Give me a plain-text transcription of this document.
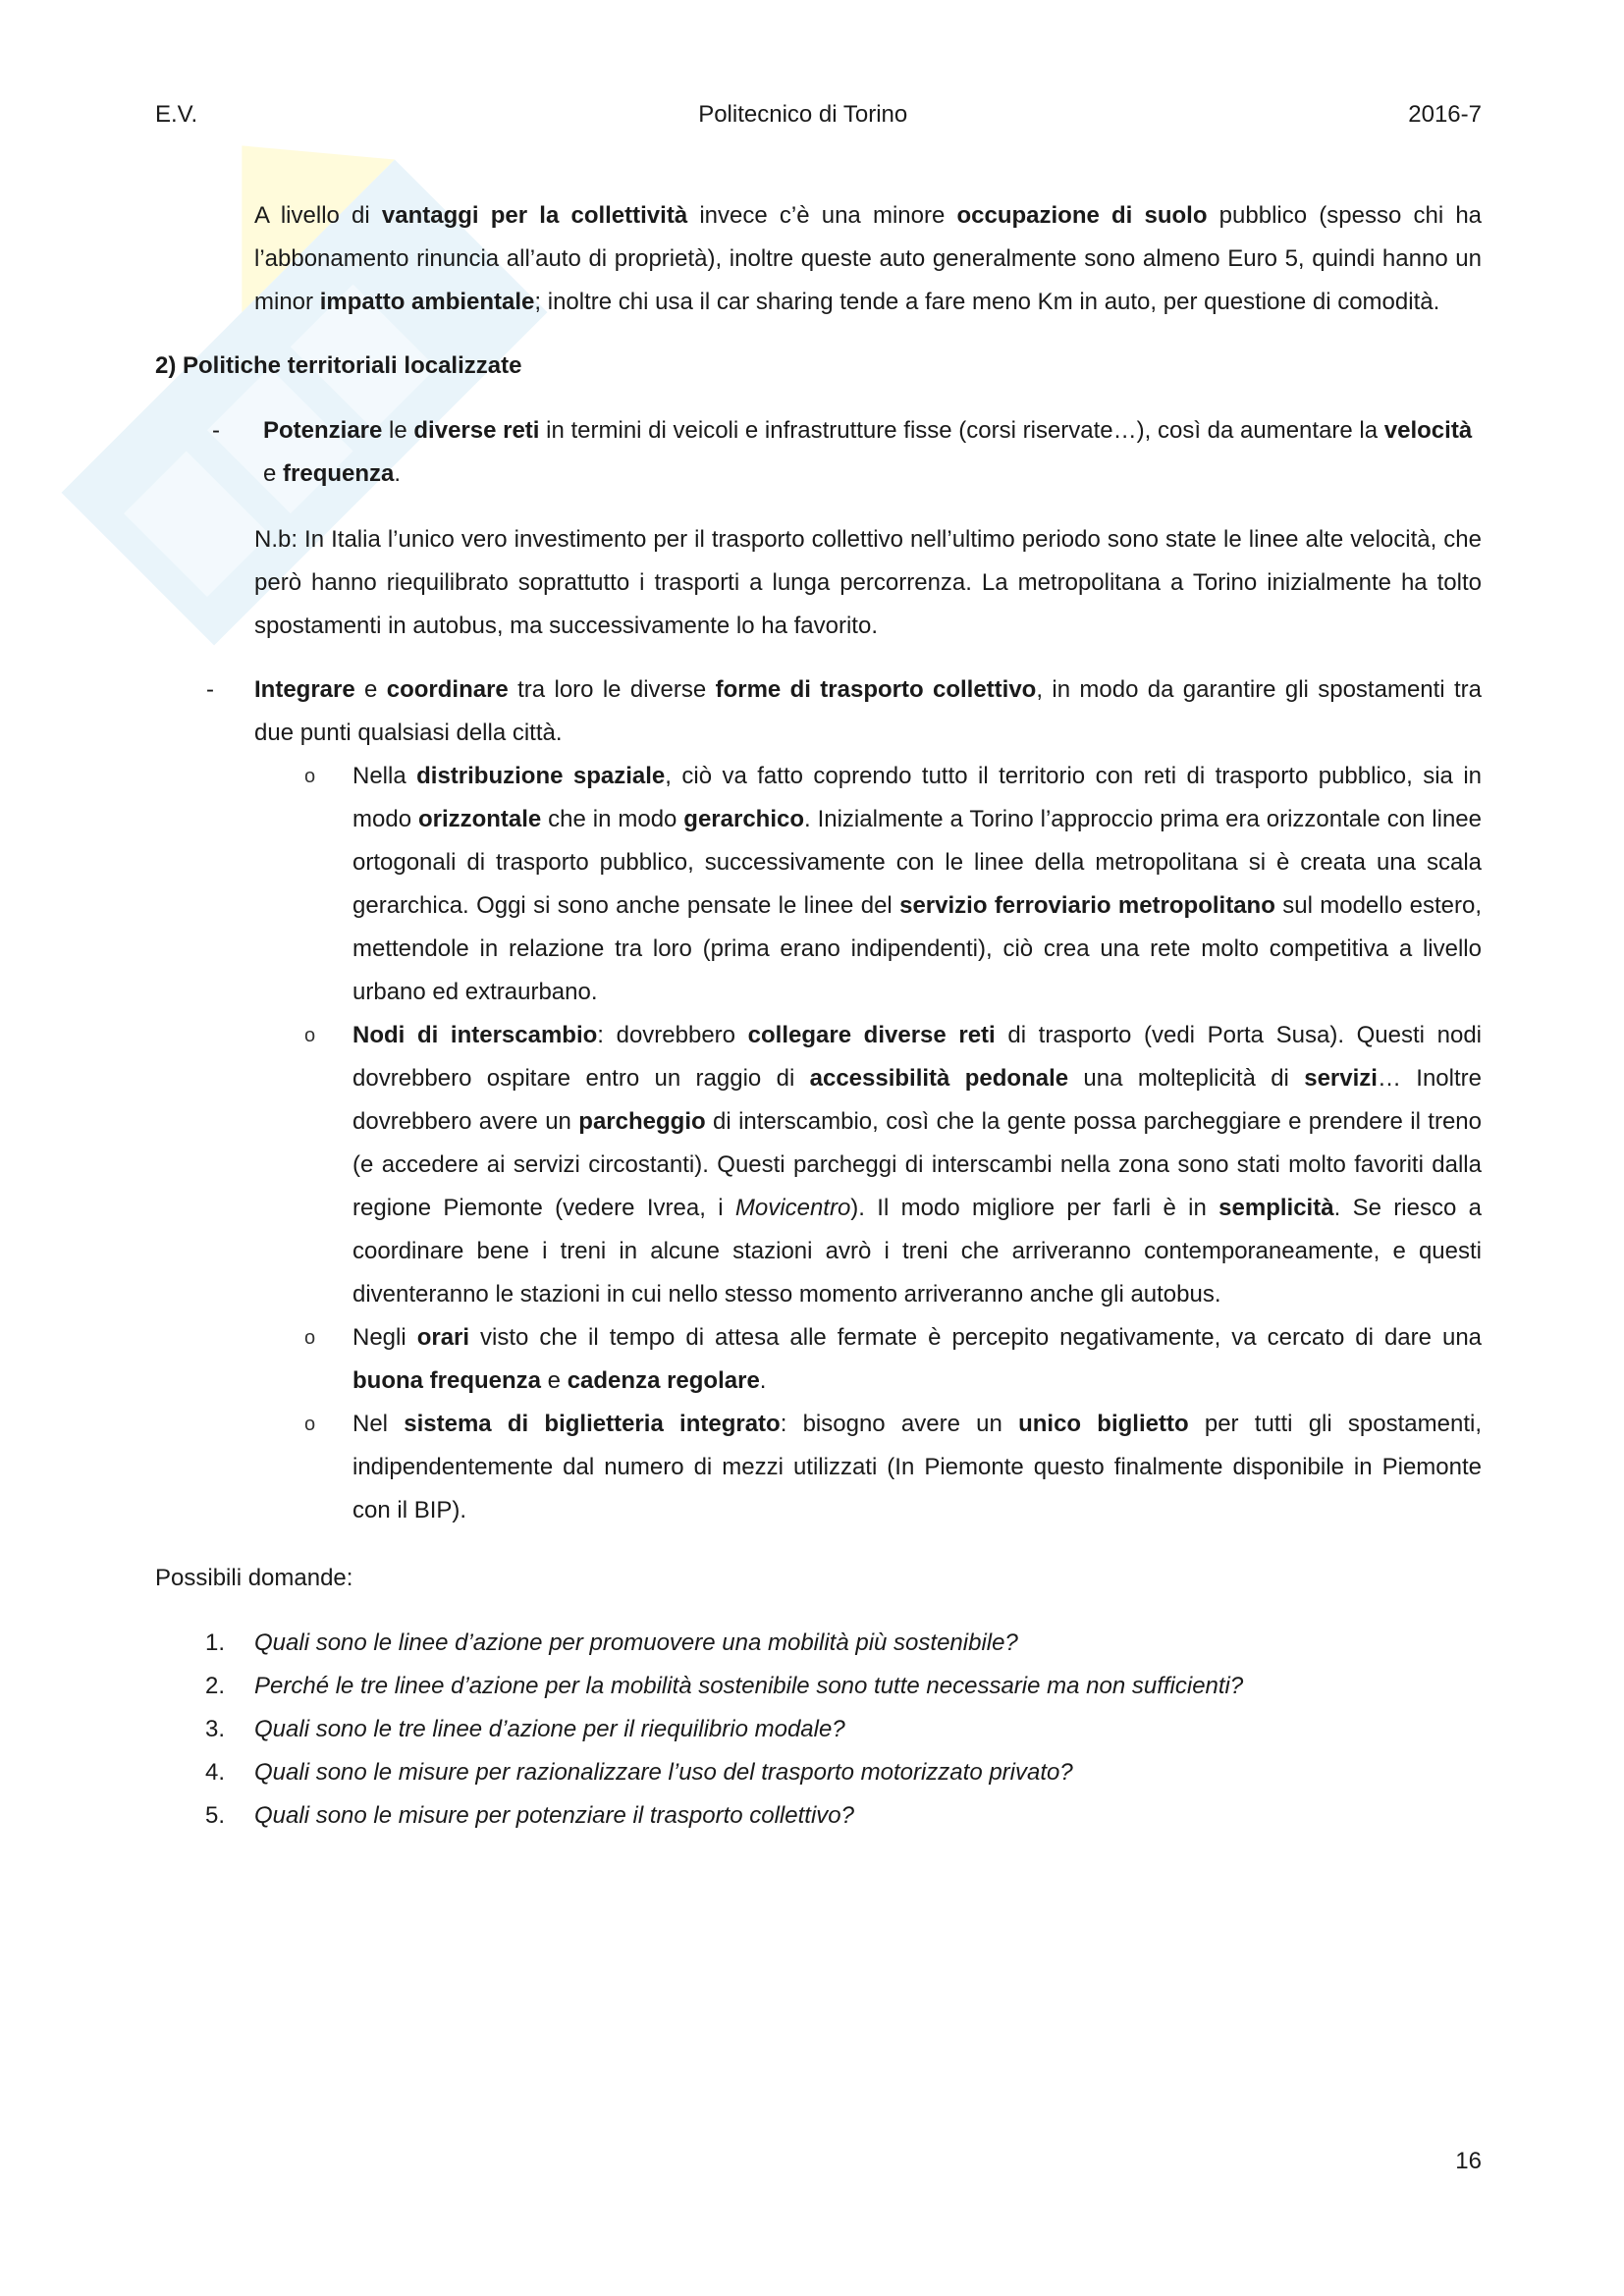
E.V.	Politecnico di Torino	2016-7

A livello di vantaggi per la collettività invece c’è una minore occupazione di suolo pubblico (spesso chi ha l’abbonamento rinuncia all’auto di proprietà), inoltre queste auto generalmente sono almeno Euro 5, quindi hanno un minor impatto ambientale; inoltre chi usa il car sharing tende a fare meno Km in auto, per questione di comodità.

2) Politiche territoriali localizzate

-	Potenziare le diverse reti in termini di veicoli e infrastrutture fisse (corsi riservate…), così da aumentare la velocità e frequenza.

N.b: In Italia l’unico vero investimento per il trasporto collettivo nell’ultimo periodo sono state le linee alte velocità, che però hanno riequilibrato soprattutto i trasporti a lunga percorrenza. La metropolitana a Torino inizialmente ha tolto spostamenti in autobus, ma successivamente lo ha favorito.

-	Integrare e coordinare tra loro le diverse forme di trasporto collettivo, in modo da garantire gli spostamenti tra due punti qualsiasi della città.

o	Nella distribuzione spaziale, ciò va fatto coprendo tutto il territorio con reti di trasporto pubblico, sia in modo orizzontale che in modo gerarchico. Inizialmente a Torino l’approccio prima era orizzontale con linee ortogonali di trasporto pubblico, successivamente con le linee della metropolitana si è creata una scala gerarchica. Oggi si sono anche pensate le linee del servizio ferroviario metropolitano sul modello estero, mettendole in relazione tra loro (prima erano indipendenti), ciò crea una rete molto competitiva a livello urbano ed extraurbano.

o	Nodi di interscambio: dovrebbero collegare diverse reti di trasporto (vedi Porta Susa). Questi nodi dovrebbero ospitare entro un raggio di accessibilità pedonale una molteplicità di servizi… Inoltre dovrebbero avere un parcheggio di interscambio, così che la gente possa parcheggiare e prendere il treno (e accedere ai servizi circostanti). Questi parcheggi di interscambi nella zona sono stati molto favoriti dalla regione Piemonte (vedere Ivrea, i Movicentro). Il modo migliore per farli è in semplicità. Se riesco a coordinare bene i treni in alcune stazioni avrò i treni che arriveranno contemporaneamente, e questi diventeranno le stazioni in cui nello stesso momento arriveranno anche gli autobus.

o	Negli orari visto che il tempo di attesa alle fermate è percepito negativamente, va cercato di dare una buona frequenza e cadenza regolare.

o	Nel sistema di biglietteria integrato: bisogno avere un unico biglietto per tutti gli spostamenti, indipendentemente dal numero di mezzi utilizzati (In Piemonte questo finalmente disponibile in Piemonte con il BIP).

Possibili domande:

1.	Quali sono le linee d’azione per promuovere una mobilità più sostenibile?

2.	Perché le tre linee d’azione per la mobilità sostenibile sono tutte necessarie ma non sufficienti?

3.	Quali sono le tre linee d’azione per il riequilibrio modale?

4.	Quali sono le misure per razionalizzare l’uso del trasporto motorizzato privato?

5.	Quali sono le misure per potenziare il trasporto collettivo?

16
